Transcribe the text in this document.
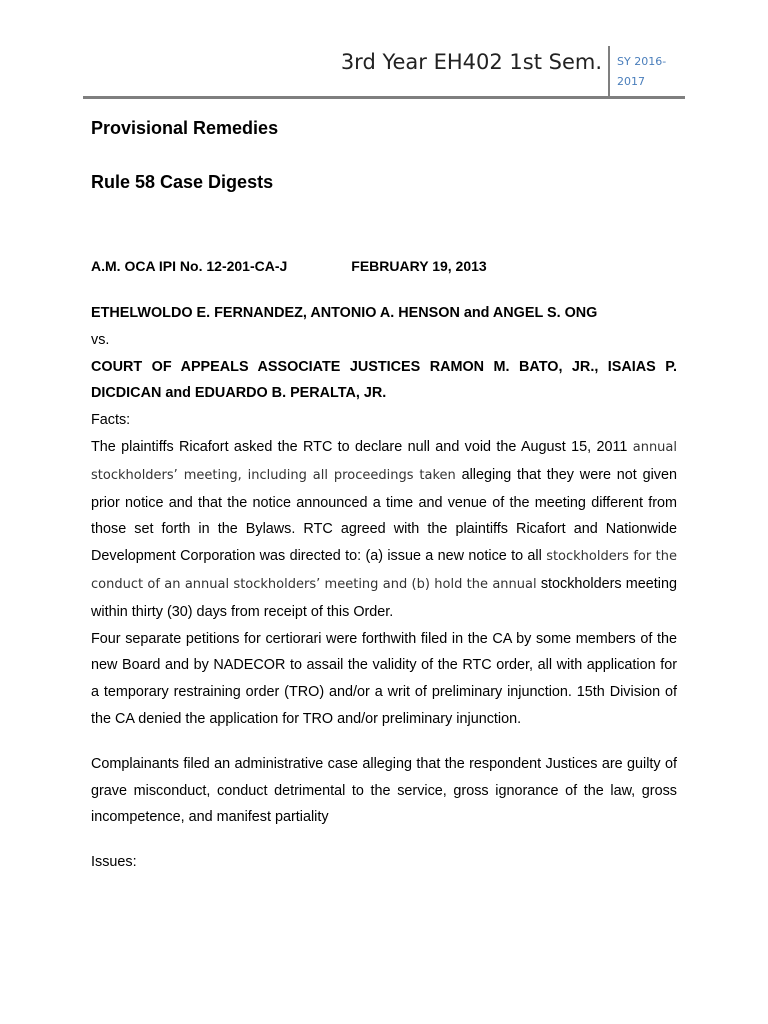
3rd Year EH402 1st Sem. SY 2016-
2017
Provisional Remedies
Rule 58 Case Digests
A.M. OCA IPI No. 12-201-CA-J	FEBRUARY 19, 2013

ETHELWOLDO E. FERNANDEZ, ANTONIO A. HENSON and ANGEL S. ONG

vs.

COURT OF APPEALS ASSOCIATE JUSTICES RAMON M. BATO, JR., ISAIAS P. DICDICAN and EDUARDO B. PERALTA, JR.

Facts:

The plaintiffs Ricafort asked the RTC to declare null and void the August 15, 2011 annual stockholders’ meeting, including all proceedings taken alleging that they were not given prior notice and that the notice announced a time and venue of the meeting different from those set forth in the Bylaws. RTC agreed with the plaintiffs Ricafort and Nationwide Development Corporation was directed to: (a) issue a new notice to all stockholders for the conduct of an annual stockholders’ meeting and (b) hold the annual stockholders meeting within thirty (30) days from receipt of this Order.

Four separate petitions for certiorari were forthwith filed in the CA by some members of the new Board and by NADECOR to assail the validity of the RTC order, all with application for a temporary restraining order (TRO) and/or a writ of preliminary injunction. 15th Division of the CA denied the application for TRO and/or preliminary injunction.

Complainants filed an administrative case alleging that the respondent Justices are guilty of grave misconduct, conduct detrimental to the service, gross ignorance of the law, gross incompetence, and manifest partiality

Issues:
